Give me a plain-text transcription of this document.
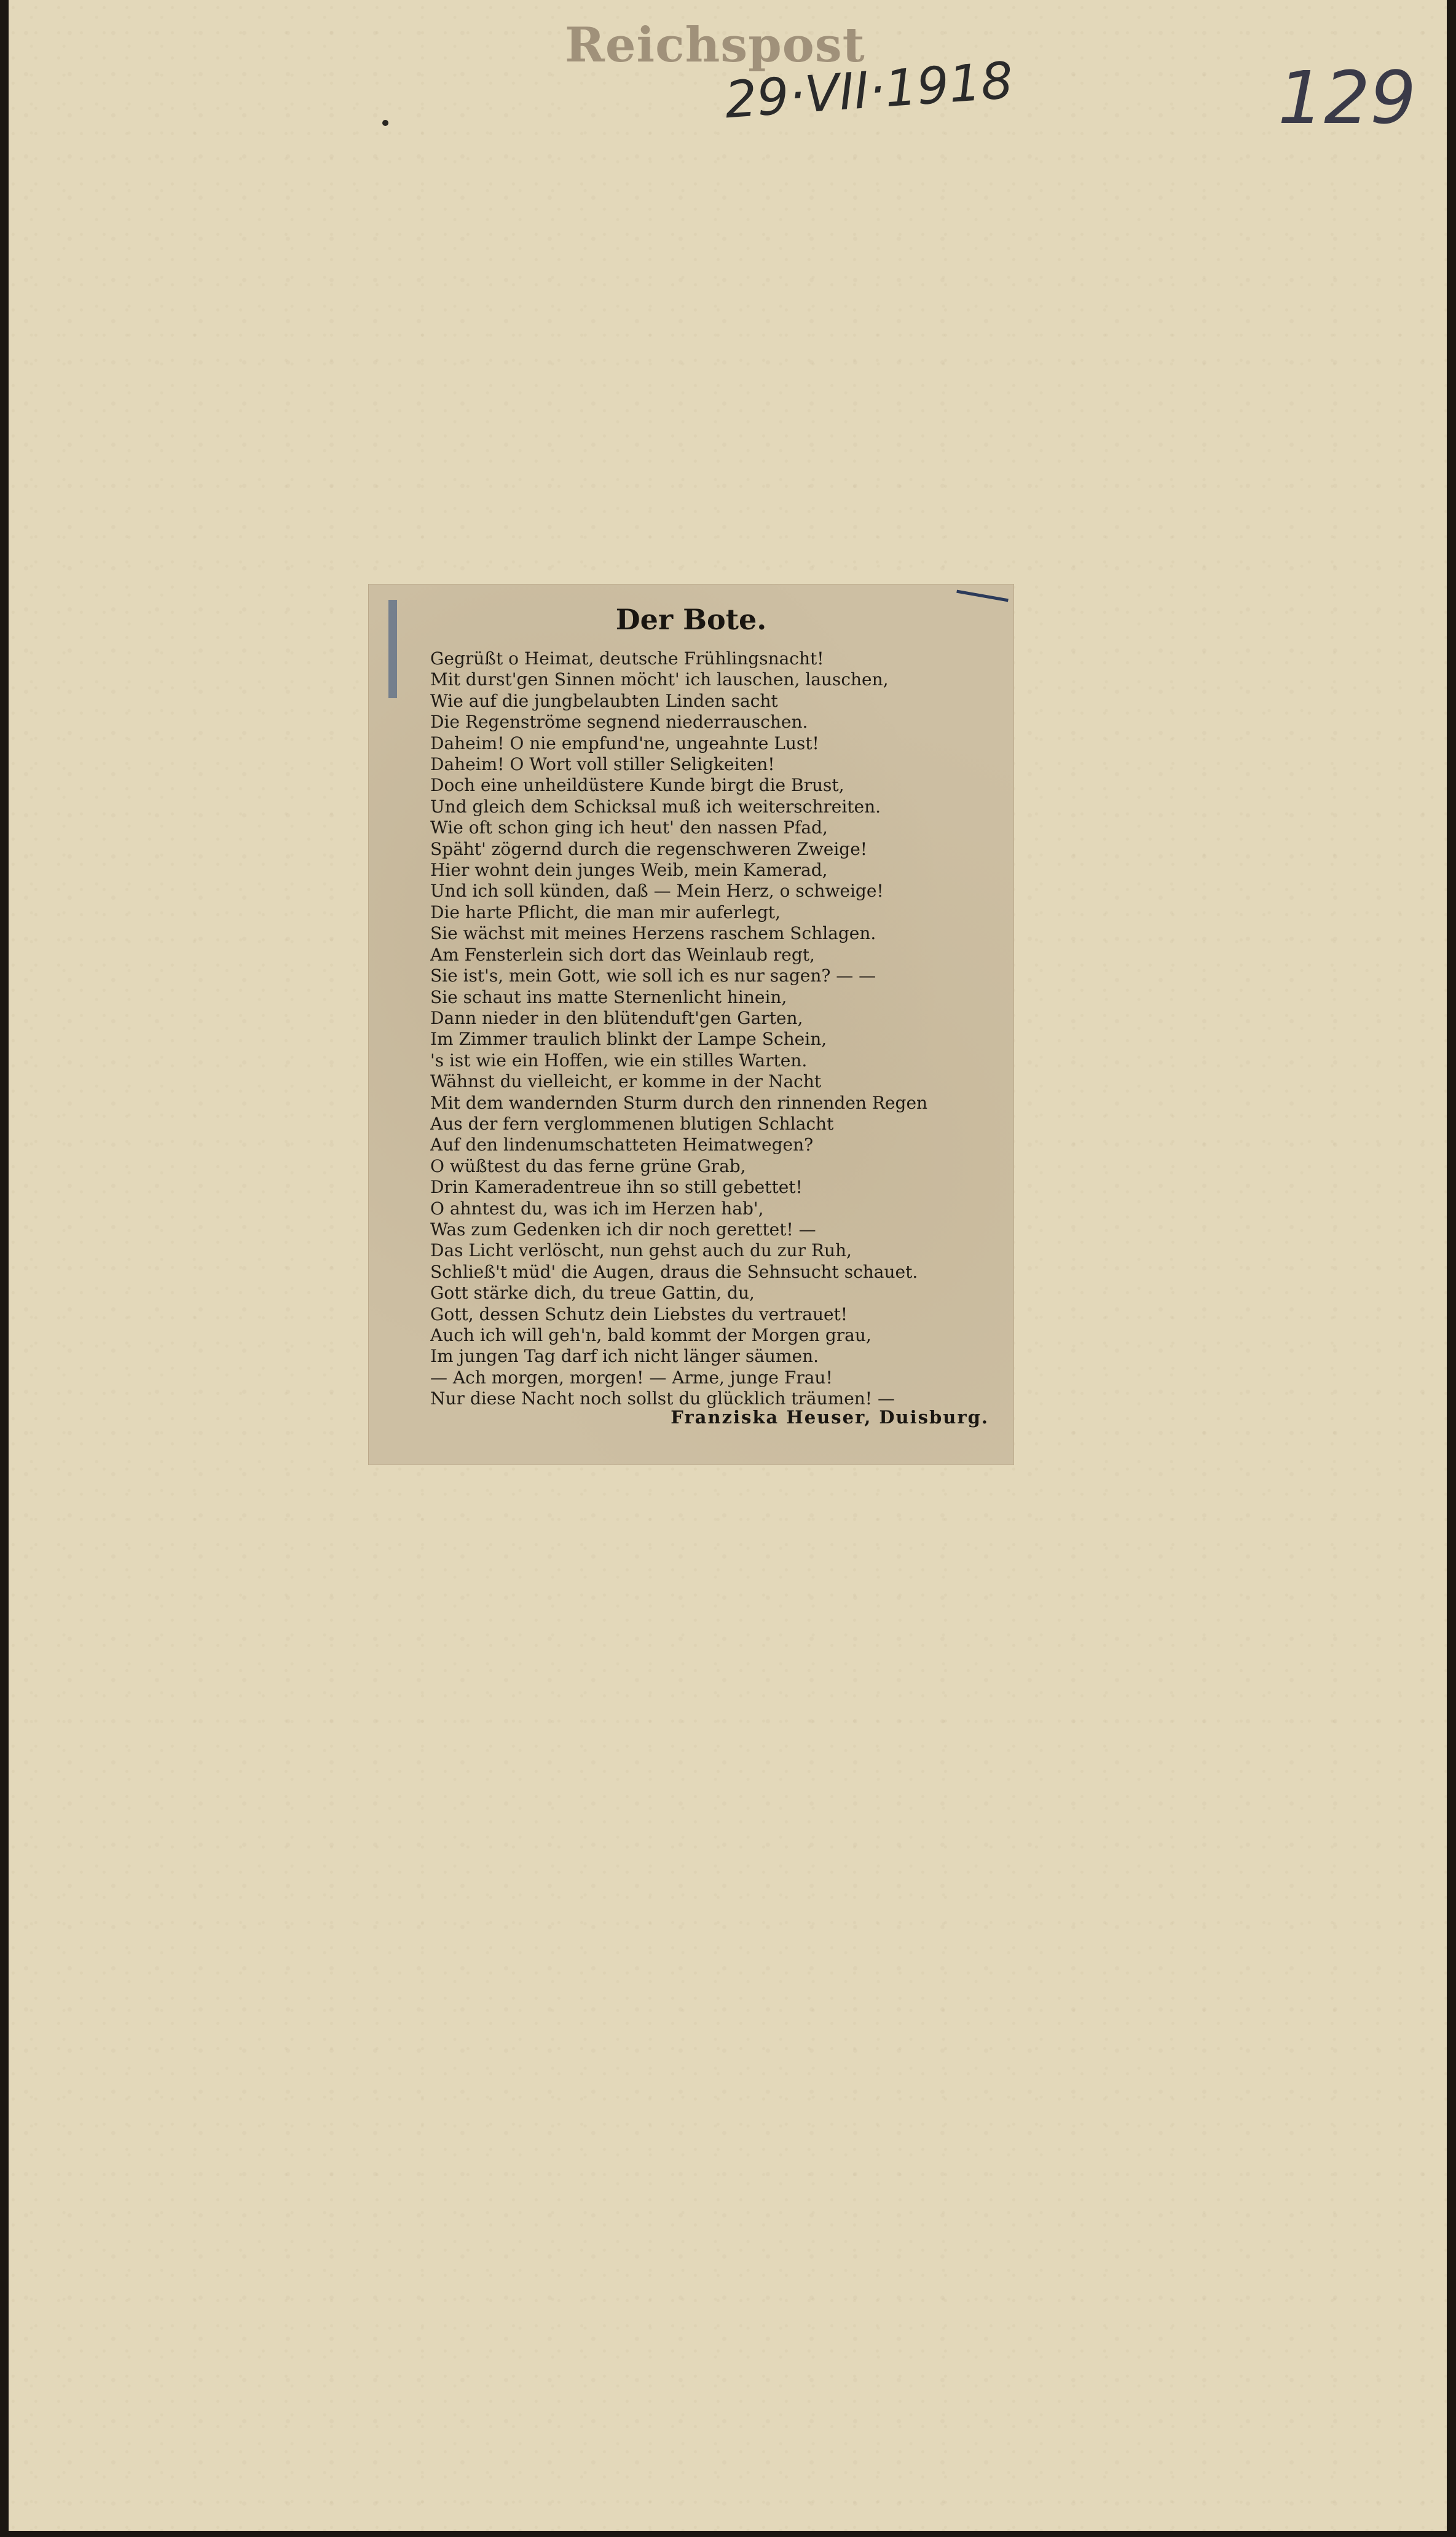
Reichspost
29·VII·1918	129
Der Bote.
Gegrüßt o Heimat, deutsche Frühlingsnacht!
Mit durst'gen Sinnen möcht' ich lauschen, lauschen,
Wie auf die jungbelaubten Linden sacht
Die Regenströme segnend niederrauschen.
Daheim! O nie empfund'ne, ungeahnte Lust!
Daheim! O Wort voll stiller Seligkeiten!
Doch eine unheildüstere Kunde birgt die Brust,
Und gleich dem Schicksal muß ich weiterschreiten.
Wie oft schon ging ich heut' den nassen Pfad,
Späht' zögernd durch die regenschweren Zweige!
Hier wohnt dein junges Weib, mein Kamerad,
Und ich soll künden, daß — Mein Herz, o schweige!
Die harte Pflicht, die man mir auferlegt,
Sie wächst mit meines Herzens raschem Schlagen.
Am Fensterlein sich dort das Weinlaub regt,
Sie ist's, mein Gott, wie soll ich es nur sagen? — —
Sie schaut ins matte Sternenlicht hinein,
Dann nieder in den blütenduft'gen Garten,
Im Zimmer traulich blinkt der Lampe Schein,
's ist wie ein Hoffen, wie ein stilles Warten.
Wähnst du vielleicht, er komme in der Nacht
Mit dem wandernden Sturm durch den rinnenden Regen
Aus der fern verglommenen blutigen Schlacht
Auf den lindenumschatteten Heimatwegen?
O wüßtest du das ferne grüne Grab,
Drin Kameradentreue ihn so still gebettet!
O ahntest du, was ich im Herzen hab',
Was zum Gedenken ich dir noch gerettet! —
Das Licht verlöscht, nun gehst auch du zur Ruh,
Schließ't müd' die Augen, draus die Sehnsucht schauet.
Gott stärke dich, du treue Gattin, du,
Gott, dessen Schutz dein Liebstes du vertrauet!
Auch ich will geh'n, bald kommt der Morgen grau,
Im jungen Tag darf ich nicht länger säumen.
— Ach morgen, morgen! — Arme, junge Frau!
Nur diese Nacht noch sollst du glücklich träumen! —
Franziska Heuser, Duisburg.
